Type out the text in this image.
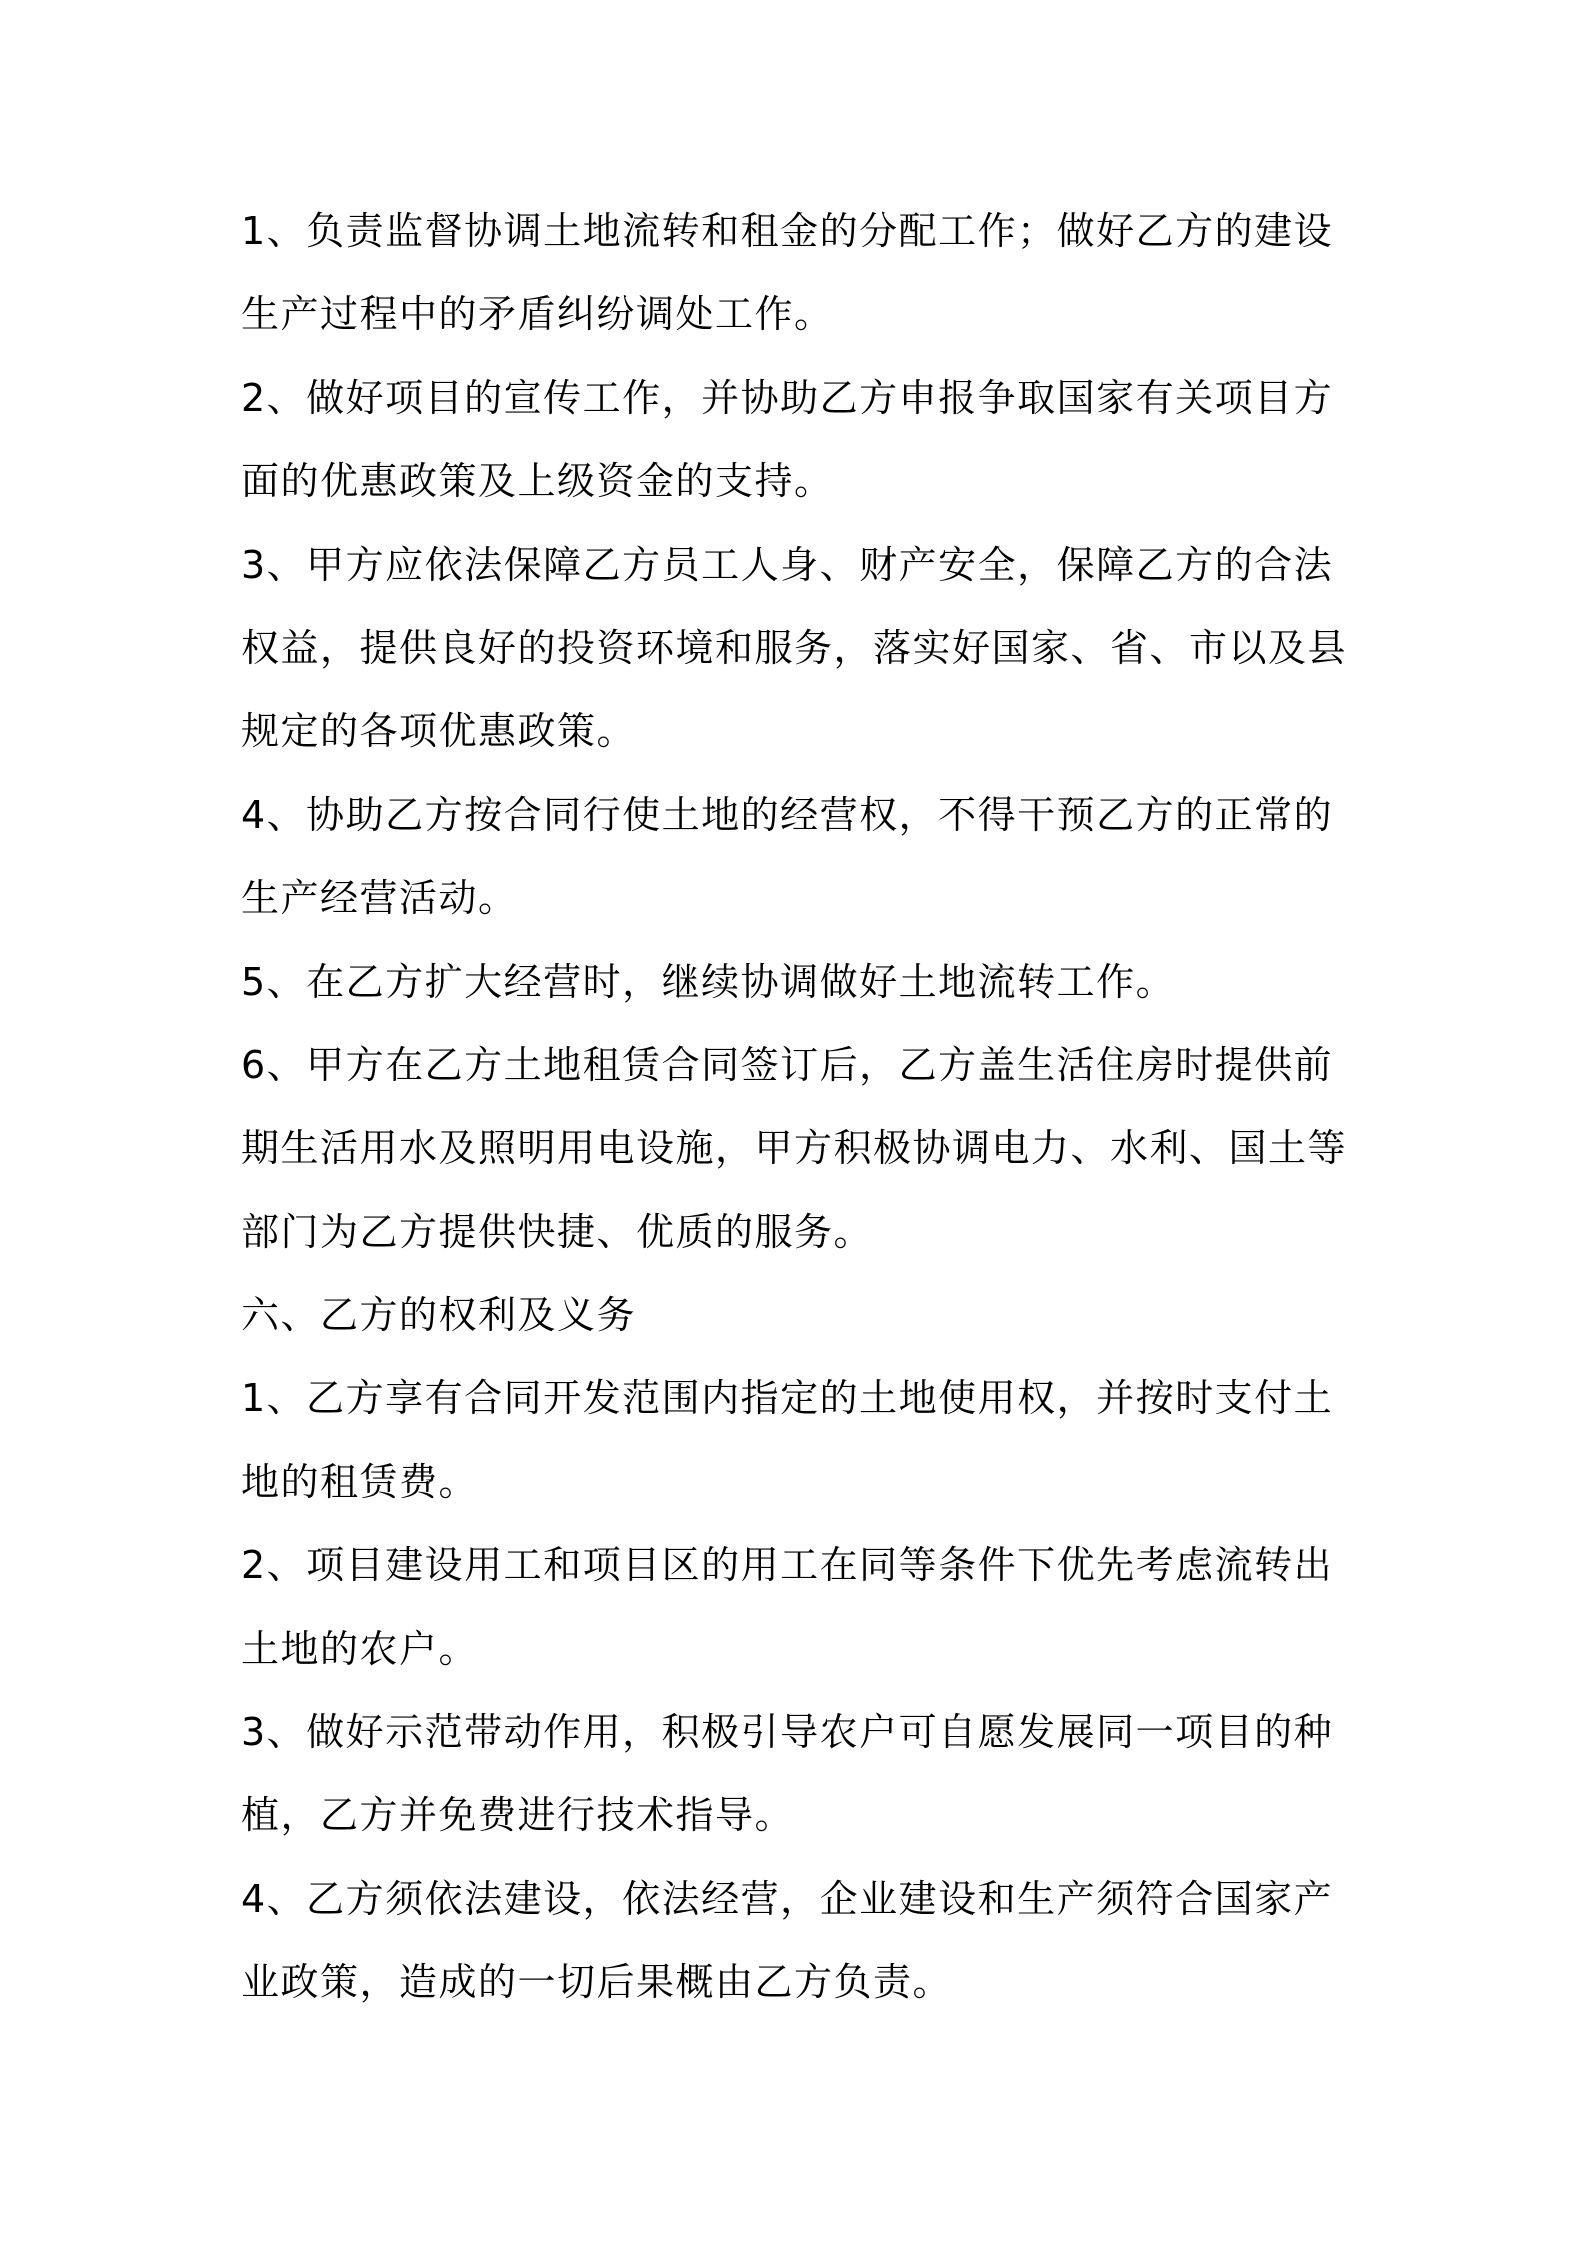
1、负责监督协调土地流转和租金的分配工作；做好乙方的建设
生产过程中的矛盾纠纷调处工作。
2、做好项目的宣传工作，并协助乙方申报争取国家有关项目方
面的优惠政策及上级资金的支持。
3、甲方应依法保障乙方员工人身、财产安全，保障乙方的合法
权益，提供良好的投资环境和服务，落实好国家、省、市以及县
规定的各项优惠政策。
4、协助乙方按合同行使土地的经营权，不得干预乙方的正常的
生产经营活动。
5、在乙方扩大经营时，继续协调做好土地流转工作。
6、甲方在乙方土地租赁合同签订后，乙方盖生活住房时提供前
期生活用水及照明用电设施，甲方积极协调电力、水利、国土等
部门为乙方提供快捷、优质的服务。
六、乙方的权利及义务
1、乙方享有合同开发范围内指定的土地使用权，并按时支付土
地的租赁费。
2、项目建设用工和项目区的用工在同等条件下优先考虑流转出
土地的农户。
3、做好示范带动作用，积极引导农户可自愿发展同一项目的种
植，乙方并免费进行技术指导。
4、乙方须依法建设，依法经营，企业建设和生产须符合国家产
业政策，造成的一切后果概由乙方负责。
